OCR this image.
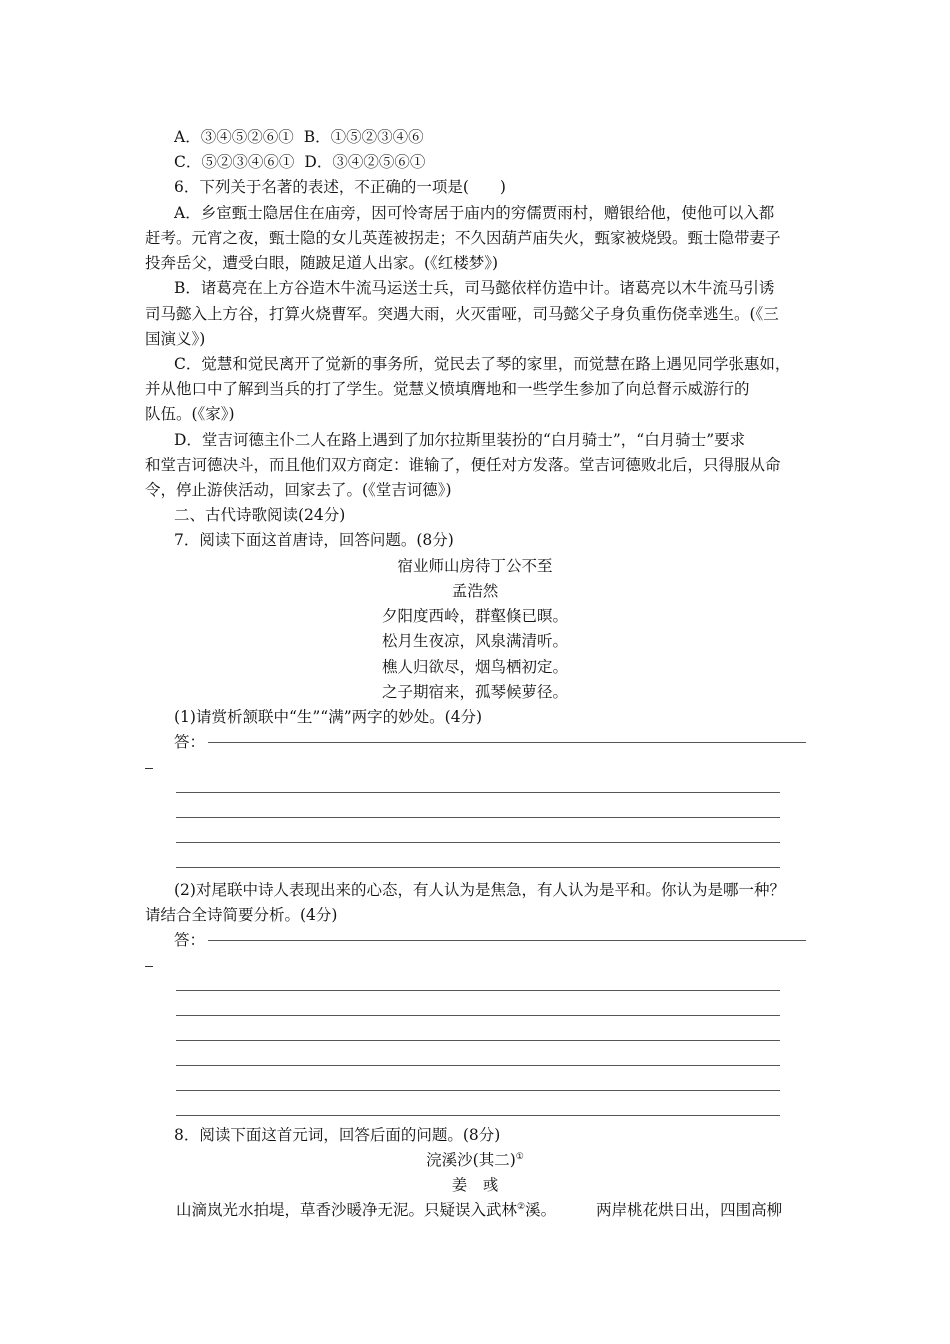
A．③④⑤②⑥① B．①⑤②③④⑥
C．⑤②③④⑥① D．③④②⑤⑥①
6．下列关于名著的表述，不正确的一项是(　　)
A．乡宦甄士隐居住在庙旁，因可怜寄居于庙内的穷儒贾雨村，赠银给他，使他可以入都
赶考。元宵之夜，甄士隐的女儿英莲被拐走；不久因葫芦庙失火，甄家被烧毁。甄士隐带妻子
投奔岳父，遭受白眼，随跛足道人出家。(《红楼梦》)
B．诸葛亮在上方谷造木牛流马运送士兵，司马懿依样仿造中计。诸葛亮以木牛流马引诱
司马懿入上方谷，打算火烧曹军。突遇大雨，火灭雷哑，司马懿父子身负重伤侥幸逃生。(《三
国演义》)
C．觉慧和觉民离开了觉新的事务所，觉民去了琴的家里，而觉慧在路上遇见同学张惠如，
并从他口中了解到当兵的打了学生。觉慧义愤填膺地和一些学生参加了向总督示威游行的
队伍。(《家》)
D．堂吉诃德主仆二人在路上遇到了加尔拉斯里装扮的“白月骑士”，“白月骑士”要求
和堂吉诃德决斗，而且他们双方商定：谁输了，便任对方发落。堂吉诃德败北后，只得服从命
令，停止游侠活动，回家去了。(《堂吉诃德》)
二、古代诗歌阅读(24分)
7．阅读下面这首唐诗，回答问题。(8分)
宿业师山房待丁公不至
孟浩然
夕阳度西岭，群壑倏已暝。
松月生夜凉，风泉满清听。
樵人归欲尽，烟鸟栖初定。
之子期宿来，孤琴候萝径。
(1)请赏析颔联中“生”“满”两字的妙处。(4分)
答：
(2)对尾联中诗人表现出来的心态，有人认为是焦急，有人认为是平和。你认为是哪一种？
请结合全诗简要分析。(4分)
答：
8．阅读下面这首元词，回答后面的问题。(8分)
浣溪沙(其二)①
姜　彧
山滴岚光水拍堤，草香沙暖净无泥。只疑误入武林②溪。	两岸桃花烘日出，四围高柳
